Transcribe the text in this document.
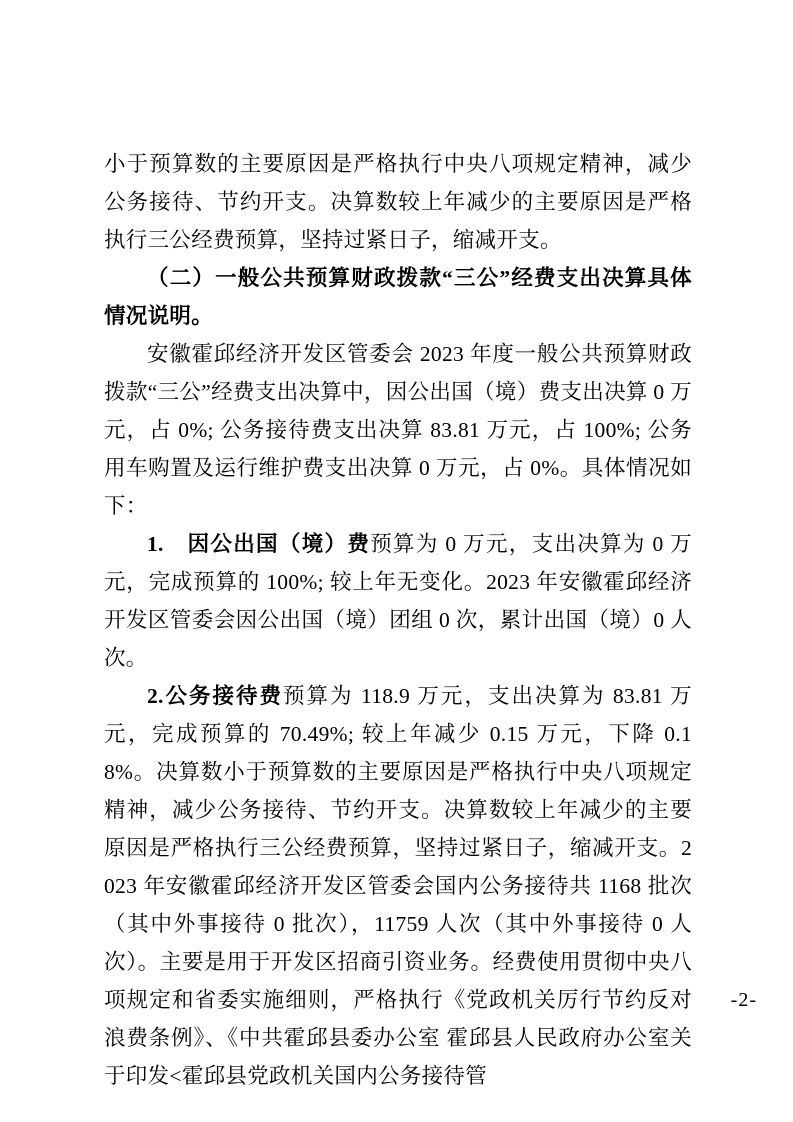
小于预算数的主要原因是严格执行中央八项规定精神，减少公务接待、节约开支。决算数较上年减少的主要原因是严格执行三公经费预算，坚持过紧日子，缩减开支。

（二）一般公共预算财政拨款“三公”经费支出决算具体情况说明。

安徽霍邱经济开发区管委会 2023 年度一般公共预算财政拨款“三公”经费支出决算中，因公出国（境）费支出决算 0 万元，占 0%; 公务接待费支出决算 83.81 万元，占 100%; 公务用车购置及运行维护费支出决算 0 万元，占 0%。具体情况如下：

1.　因公出国（境）费预算为 0 万元，支出决算为 0 万元，完成预算的 100%; 较上年无变化。2023 年安徽霍邱经济开发区管委会因公出国（境）团组 0 次，累计出国（境）0 人次。

2.公务接待费预算为 118.9 万元，支出决算为 83.81 万元，完成预算的 70.49%; 较上年减少 0.15 万元，下降 0.18%。决算数小于预算数的主要原因是严格执行中央八项规定精神，减少公务接待、节约开支。决算数较上年减少的主要原因是严格执行三公经费预算，坚持过紧日子，缩减开支。2023 年安徽霍邱经济开发区管委会国内公务接待共 1168 批次（其中外事接待 0 批次），11759 人次（其中外事接待 0 人次）。主要是用于开发区招商引资业务。经费使用贯彻中央八项规定和省委实施细则，严格执行《党政机关厉行节约反对浪费条例》、《中共霍邱县委办公室 霍邱县人民政府办公室关于印发<霍邱县党政机关国内公务接待管

-2-
